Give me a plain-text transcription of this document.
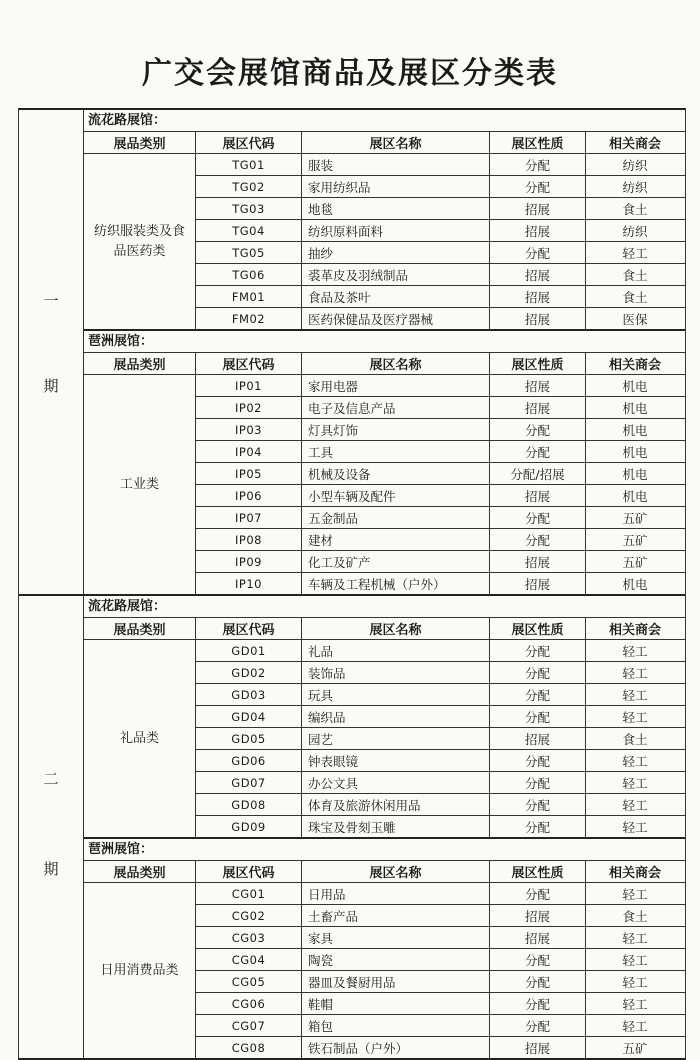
广交会展馆商品及展区分类表
一
期
流花路展馆：
展品类别	展区代码	展区名称	展区性质	相关商会
纺织服装类及食品医药类
TG01	服装	分配	纺织
TG02	家用纺织品	分配	纺织
TG03	地毯	招展	食土
TG04	纺织原料面料	招展	纺织
TG05	抽纱	分配	轻工
TG06	裘革皮及羽绒制品	招展	食土
FM01	食品及茶叶	招展	食土
FM02	医药保健品及医疗器械	招展	医保
琶洲展馆：
展品类别	展区代码	展区名称	展区性质	相关商会
工业类
IP01	家用电器	招展	机电
IP02	电子及信息产品	招展	机电
IP03	灯具灯饰	分配	机电
IP04	工具	分配	机电
IP05	机械及设备	分配/招展	机电
IP06	小型车辆及配件	招展	机电
IP07	五金制品	分配	五矿
IP08	建材	分配	五矿
IP09	化工及矿产	招展	五矿
IP10	车辆及工程机械（户外）	招展	机电
二
期
流花路展馆：
展品类别	展区代码	展区名称	展区性质	相关商会
礼品类
GD01	礼品	分配	轻工
GD02	装饰品	分配	轻工
GD03	玩具	分配	轻工
GD04	编织品	分配	轻工
GD05	园艺	招展	食土
GD06	钟表眼镜	分配	轻工
GD07	办公文具	分配	轻工
GD08	体育及旅游休闲用品	分配	轻工
GD09	珠宝及骨刻玉雕	分配	轻工
琶洲展馆：
展品类别	展区代码	展区名称	展区性质	相关商会
日用消费品类
CG01	日用品	分配	轻工
CG02	土畜产品	招展	食土
CG03	家具	招展	轻工
CG04	陶瓷	分配	轻工
CG05	器皿及餐厨用品	分配	轻工
CG06	鞋帽	分配	轻工
CG07	箱包	分配	轻工
CG08	铁石制品（户外）	招展	五矿
